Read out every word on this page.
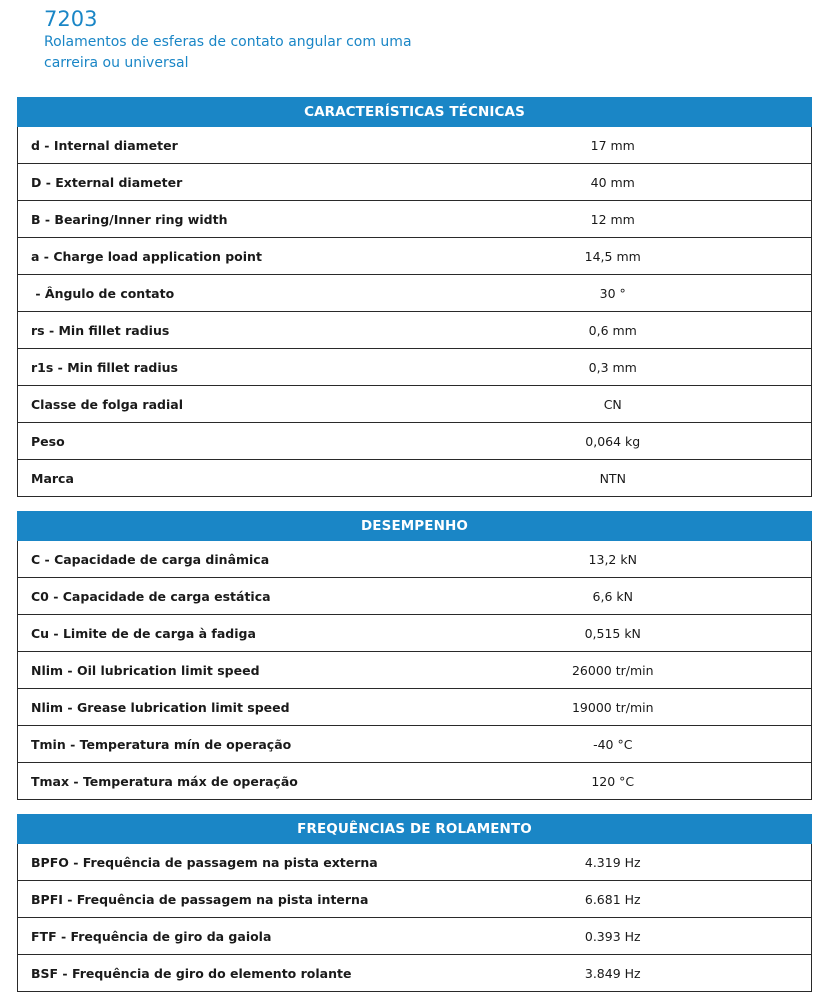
7203

Rolamentos de esferas de contato angular com uma carreira ou universal

CARACTERÍSTICAS TÉCNICAS	
d - Internal diameter	17 mm
D - External diameter	40 mm
B - Bearing/Inner ring width	12 mm
a - Charge load application point	14,5 mm
- Ângulo de contato	30 °
rs - Min fillet radius	0,6 mm
r1s - Min fillet radius	0,3 mm
Classe de folga radial	CN
Peso	0,064 kg
Marca	NTN
DESEMPENHO	
C - Capacidade de carga dinâmica	13,2 kN
C0 - Capacidade de carga estática	6,6 kN
Cu - Limite de de carga à fadiga	0,515 kN
Nlim - Oil lubrication limit speed	26000 tr/min
Nlim - Grease lubrication limit speed	19000 tr/min
Tmin - Temperatura mín de operação	-40 °C
Tmax - Temperatura máx de operação	120 °C
FREQUÊNCIAS DE ROLAMENTO	
BPFO - Frequência de passagem na pista externa	4.319 Hz
BPFI - Frequência de passagem na pista interna	6.681 Hz
FTF - Frequência de giro da gaiola	0.393 Hz
BSF - Frequência de giro do elemento rolante	3.849 Hz
